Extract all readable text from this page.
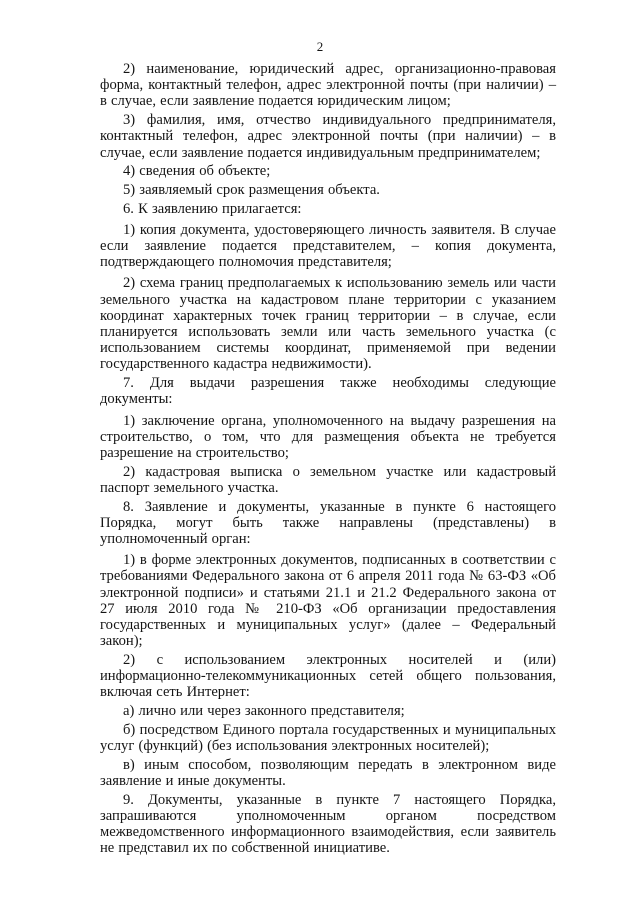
2

2) наименование, юридический адрес, организационно-правовая форма, контактный телефон, адрес электронной почты (при наличии) – в случае, если заявление подается юридическим лицом;

3) фамилия, имя, отчество индивидуального предпринимателя, контактный телефон, адрес электронной почты (при наличии) – в случае, если заявление подается индивидуальным предпринимателем;

4) сведения об объекте;

5) заявляемый срок размещения объекта.

6. К заявлению прилагается:

1) копия документа, удостоверяющего личность заявителя. В случае если заявление подается представителем, – копия документа, подтверждающего полномочия представителя;

2) схема границ предполагаемых к использованию земель или части земельного участка на кадастровом плане территории с указанием координат характерных точек границ территории – в случае, если планируется использовать земли или часть земельного участка (с использованием системы координат, применяемой при ведении государственного кадастра недвижимости).

7. Для выдачи разрешения также необходимы следующие документы:

1) заключение органа, уполномоченного на выдачу разрешения на строительство, о том, что для размещения объекта не требуется разрешение на строительство;

2) кадастровая выписка о земельном участке или кадастровый паспорт земельного участка.

8. Заявление и документы, указанные в пункте 6 настоящего Порядка, могут быть также направлены (представлены) в уполномоченный орган:

1) в форме электронных документов, подписанных в соответствии с требованиями Федерального закона от 6 апреля 2011 года № 63-ФЗ «Об электронной подписи» и статьями 21.1 и 21.2 Федерального закона от 27 июля 2010 года № 210-ФЗ «Об организации предоставления государственных и муниципальных услуг» (далее – Федеральный закон);

2) с использованием электронных носителей и (или) информационно-телекоммуникационных сетей общего пользования, включая сеть Интернет:

а) лично или через законного представителя;

б) посредством Единого портала государственных и муниципальных услуг (функций) (без использования электронных носителей);

в) иным способом, позволяющим передать в электронном виде заявление и иные документы.

9. Документы, указанные в пункте 7 настоящего Порядка, запрашиваются уполномоченным органом посредством межведомственного информационного взаимодействия, если заявитель не представил их по собственной инициативе.
